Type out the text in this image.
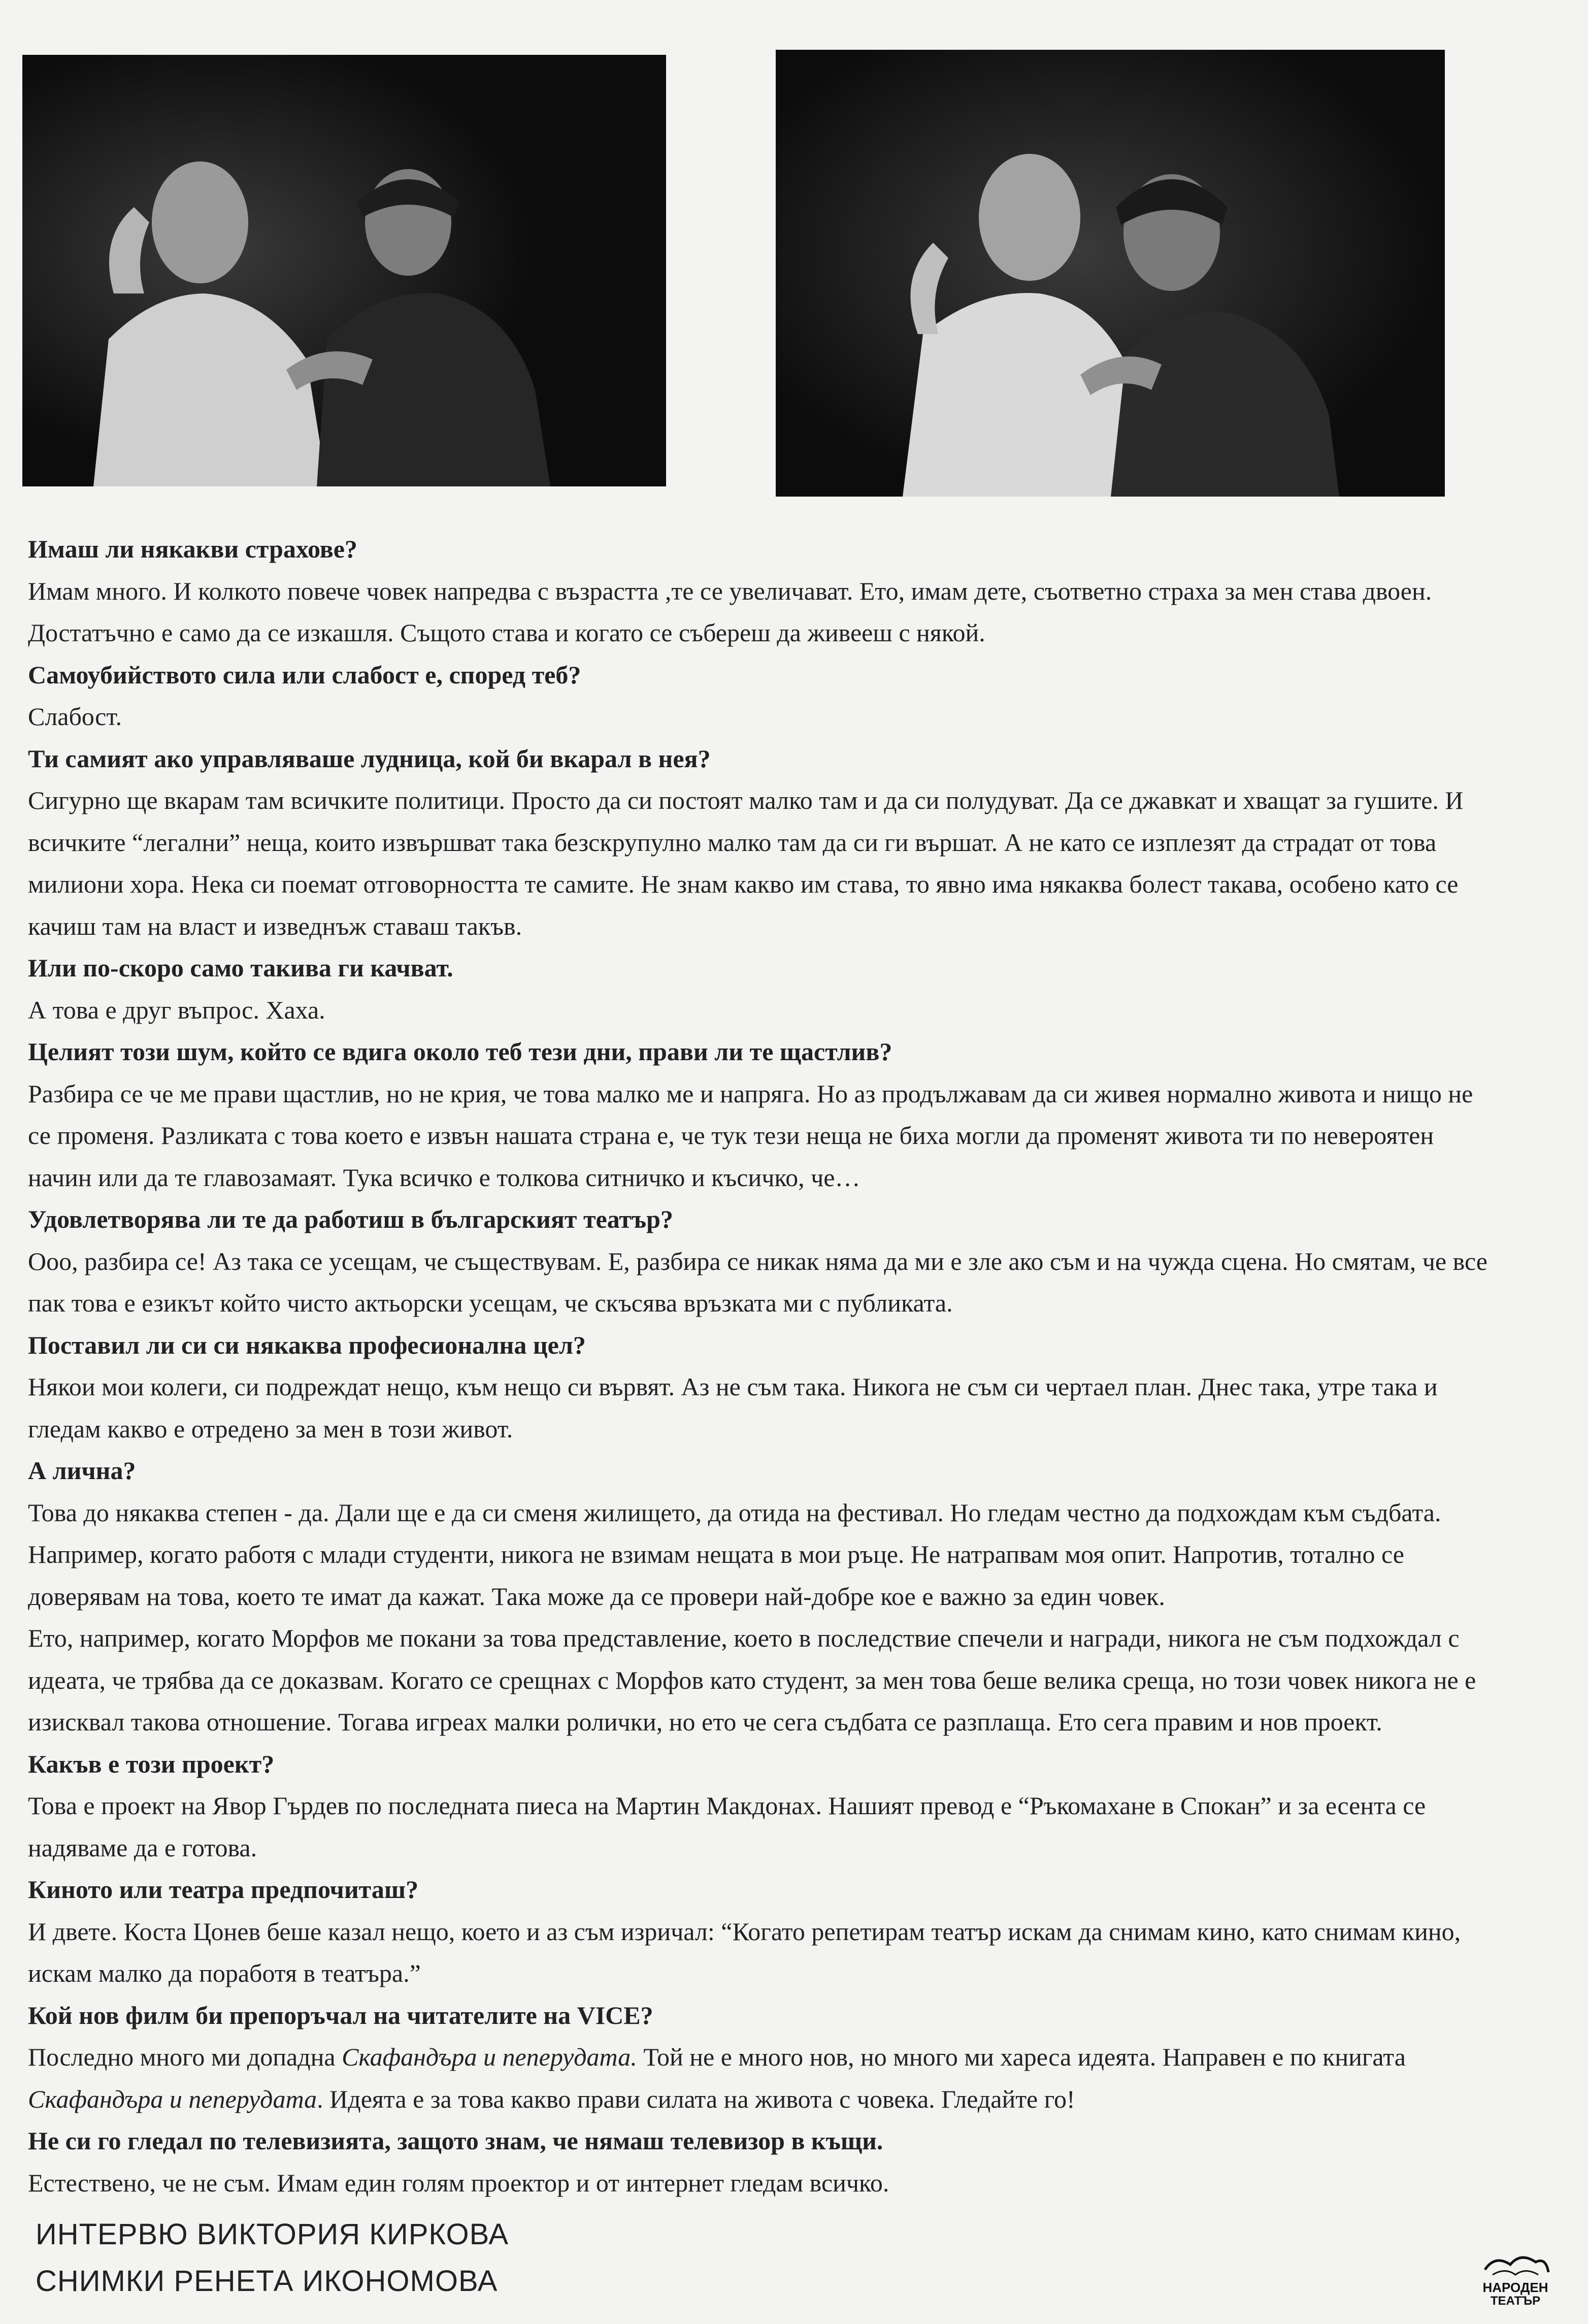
Имаш ли някакви страхове?

Имам много. И колкото повече човек напредва с възрастта ,те се увеличават. Ето, имам дете, съответно страха за мен става двоен. Достатъчно е само да се изкашля. Същото става и когато се събереш да живееш с някой.

Самоубийството сила или слабост е, според теб?

Слабост.

Ти самият ако управляваше лудница, кой би вкарал в нея?

Сигурно ще вкарам там всичките политици. Просто да си постоят малко там и да си полудуват. Да се джавкат и хващат за гушите. И всичките “легални” неща, които извършват така безскрупулно малко там да си ги вършат. А не като се изплезят да страдат от това милиони хора. Нека си поемат отговорността те самите. Не знам какво им става, то явно има някаква болест такава, особено като се качиш там на власт и изведнъж ставаш такъв.

Или по-скоро само такива ги качват.

А това е друг въпрос. Хаха.

Целият този шум, който се вдига около теб тези дни, прави ли те щастлив?

Разбира се че ме прави щастлив, но не крия, че това малко ме и напряга. Но аз продължавам да си живея нормално живота и нищо не се променя. Разликата с това което е извън нашата страна е, че тук тези неща не биха могли да променят живота ти по невероятен начин или да те главозамаят. Тука всичко е толкова ситничко и късичко, че…

Удовлетворява ли те да работиш в българският театър?

Ооо, разбира се! Аз така се усещам, че съществувам. Е, разбира се никак няма да ми е зле ако съм и на чужда сцена. Но смятам, че все пак това е езикът който чисто актьорски усещам, че скъсява връзката ми с публиката.

Поставил ли си си някаква професионална цел?

Някои мои колеги, си подреждат нещо, към нещо си вървят. Аз не съм така. Никога не съм си чертаел план. Днес така, утре така и гледам какво е отредено за мен в този живот.

А лична?

Това до някаква степен - да. Дали ще е да си сменя жилището, да отида на фестивал. Но гледам честно да подхождам към съдбата. Например, когато работя с млади студенти, никога не взимам нещата в мои ръце. Не натрапвам моя опит. Напротив, тотално се доверявам на това, което те имат да кажат. Така може да се провери най-добре кое е важно за един човек.

Ето, например, когато Морфов ме покани за това представление, което в последствие спечели и награди, никога не съм подхождал с идеата, че трябва да се доказвам. Когато се срещнах с Морфов като студент, за мен това беше велика среща, но този човек никога не е изисквал такова отношение. Тогава игреах малки ролички, но ето че сега съдбата се разплаща. Ето сега правим и нов проект.

Какъв е този проект?

Това е проект на Явор Гърдев по последната пиеса на Мартин Макдонах. Нашият превод е “Ръкомахане в Спокан” и за есента се надяваме да е готова.

Киното или театра предпочиташ?

И двете. Коста Цонев беше казал нещо, което и аз съм изричал: “Когато репетирам театър искам да снимам кино, като снимам кино, искам малко да поработя в театъра.”

Кой нов филм би препоръчал на читателите на VICE?

Последно много ми допадна Скафандъра и пеперудата. Той не е много нов, но много ми хареса идеята. Направен е по книгата Скафандъра и пеперудата. Идеята е за това какво прави силата на живота с човека. Гледайте го!

Не си го гледал по телевизията, защото знам, че нямаш телевизор в къщи.

Естествено, че не съм. Имам един голям проектор и от интернет гледам всичко.

ИНТЕРВЮ ВИКТОРИЯ КИРКОВА
СНИМКИ РЕНЕТА ИКОНОМОВА	НАРОДЕН
ТЕАТЪР
